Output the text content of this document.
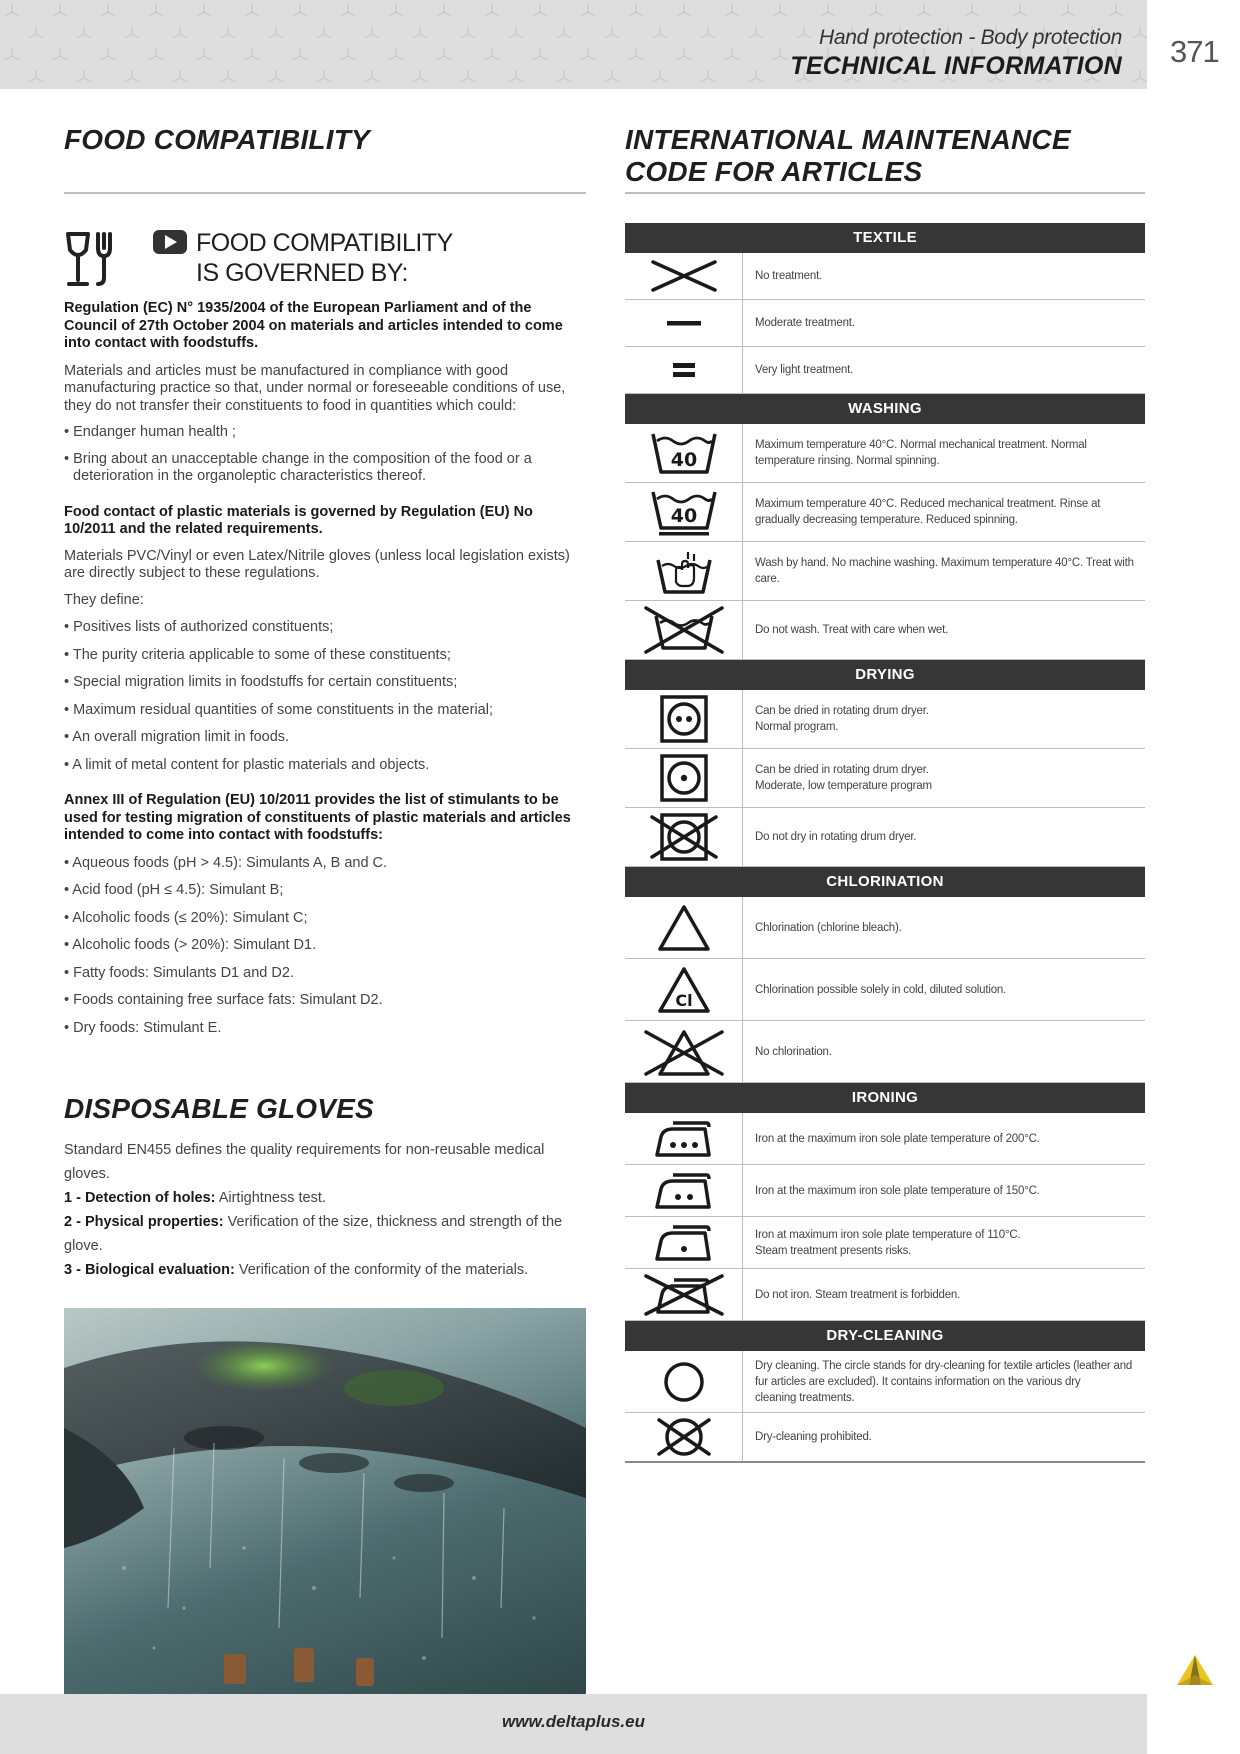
Hand protection - Body protection
TECHNICAL INFORMATION 371
FOOD COMPATIBILITY
FOOD COMPATIBILITY
IS GOVERNED BY:

Regulation (EC) N° 1935/2004 of the European Parliament and of the Council of 27th October 2004 on materials and articles intended to come into contact with foodstuffs.

Materials and articles must be manufactured in compliance with good manufacturing practice so that, under normal or foreseeable conditions of use, they do not transfer their constituents to food in quantities which could:

• Endanger human health ;

• Bring about an unacceptable change in the composition of the food or a deterioration in the organoleptic characteristics thereof.

Food contact of plastic materials is governed by Regulation (EU) No 10/2011 and the related requirements.

Materials PVC/Vinyl or even Latex/Nitrile gloves (unless local legislation exists) are directly subject to these regulations.

They define:

• Positives lists of authorized constituents;

• The purity criteria applicable to some of these constituents;

• Special migration limits in foodstuffs for certain constituents;

• Maximum residual quantities of some constituents in the material;

• An overall migration limit in foods.

• A limit of metal content for plastic materials and objects.

Annex III of Regulation (EU) 10/2011 provides the list of stimulants to be used for testing migration of constituents of plastic materials and articles intended to come into contact with foodstuffs:

• Aqueous foods (pH > 4.5): Simulants A, B and C.

• Acid food (pH ≤ 4.5): Simulant B;

• Alcoholic foods (≤ 20%): Simulant C;

• Alcoholic foods (> 20%): Simulant D1.

• Fatty foods: Simulants D1 and D2.

• Foods containing free surface fats: Simulant D2.

• Dry foods: Stimulant E.

DISPOSABLE GLOVES

Standard EN455 defines the quality requirements for non-reusable medical gloves.

1 - Detection of holes: Airtightness test.

2 - Physical properties: Verification of the size, thickness and strength of the glove.

3 - Biological evaluation: Verification of the conformity of the materials.

INTERNATIONAL MAINTENANCE
CODE FOR ARTICLES
TEXTILE
No treatment.
Moderate treatment.
Very light treatment.
WASHING
40
Maximum temperature 40°C. Normal mechanical treatment. Normal temperature rinsing. Normal spinning.
40
Maximum temperature 40°C. Reduced mechanical treatment. Rinse at gradually decreasing temperature. Reduced spinning.
Wash by hand. No machine washing. Maximum temperature 40°C. Treat with care.
Do not wash. Treat with care when wet.
DRYING
Can be dried in rotating drum dryer.
Normal program.
Can be dried in rotating drum dryer.
Moderate, low temperature program
Do not dry in rotating drum dryer.
CHLORINATION
Chlorination (chlorine bleach).
Cl
Chlorination possible solely in cold, diluted solution.
No chlorination.
IRONING
Iron at the maximum iron sole plate temperature of 200°C.
Iron at the maximum iron sole plate temperature of 150°C.
Iron at maximum iron sole plate temperature of 110°C.
Steam treatment presents risks.
Do not iron. Steam treatment is forbidden.
DRY-CLEANING
Dry cleaning. The circle stands for dry-cleaning for textile articles (leather and fur articles are excluded). It contains information on the various dry
cleaning treatments.
Dry-cleaning prohibited.
www.deltaplus.eu
